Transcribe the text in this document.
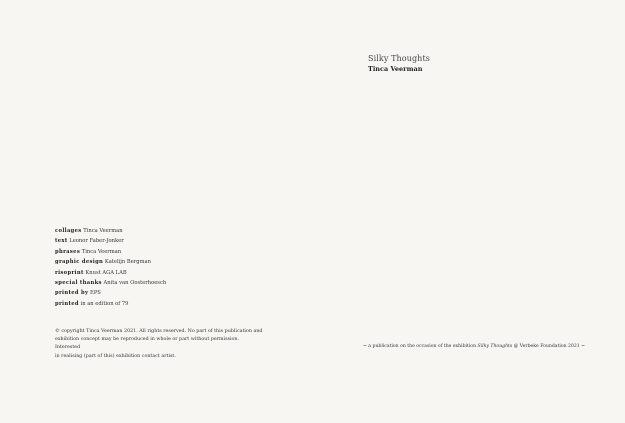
Silky Thoughts
Tinca Veerman
collages Tinca Veerman
text Leonor Faber-Jonker
phrases Tinca Veerman
graphic design Katelijn Bergman
risoprint Knust AGA LAB
special thanks Anita van Oosterhoesch
printed by EPS
printed in an edition of 79
© copyright Tinca Veerman 2021. All rights reserved. No part of this publication and
exhibition concept may be reproduced in whole or part without permission. Interested
in realising (part of this) exhibition contact artist.
~ a publication on the occasion of the exhibition Silky Thoughts @ Verbeke Foundation 2021 ~
